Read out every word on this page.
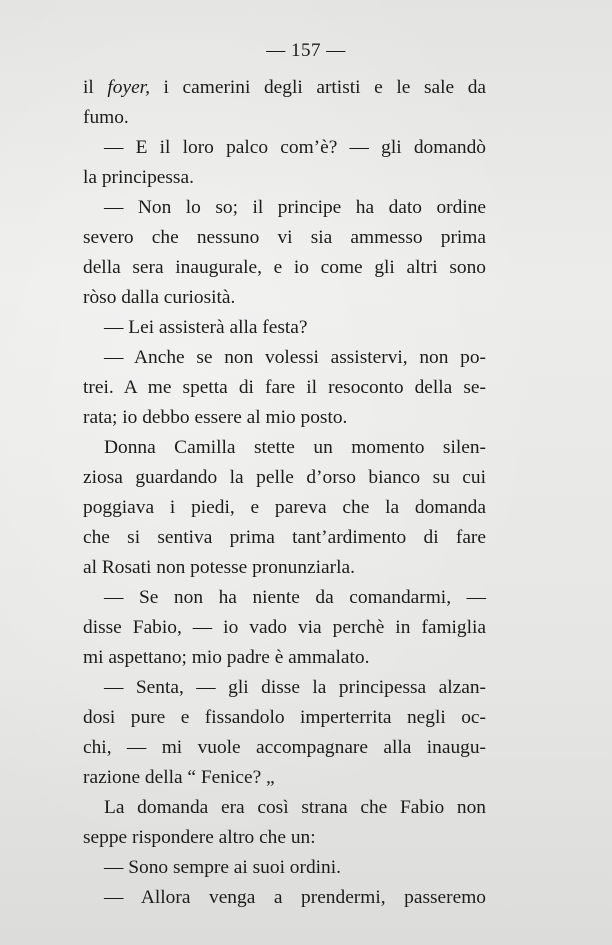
— 157 —
il foyer, i camerini degli artisti e le sale da
fumo.
— E il loro palco com’è? — gli domandò
la principessa.
— Non lo so; il principe ha dato ordine
severo che nessuno vi sia ammesso prima
della sera inaugurale, e io come gli altri sono
ròso dalla curiosità.
— Lei assisterà alla festa?
— Anche se non volessi assistervi, non po-
trei. A me spetta di fare il resoconto della se-
rata; io debbo essere al mio posto.
Donna Camilla stette un momento silen-
ziosa guardando la pelle d’orso bianco su cui
poggiava i piedi, e pareva che la domanda
che si sentiva prima tant’ardimento di fare
al Rosati non potesse pronunziarla.
— Se non ha niente da comandarmi, —
disse Fabio, — io vado via perchè in famiglia
mi aspettano; mio padre è ammalato.
— Senta, — gli disse la principessa alzan-
dosi pure e fissandolo imperterrita negli oc-
chi, — mi vuole accompagnare alla inaugu-
razione della “ Fenice? „
La domanda era così strana che Fabio non
seppe rispondere altro che un:
— Sono sempre ai suoi ordini.
— Allora venga a prendermi, passeremo
